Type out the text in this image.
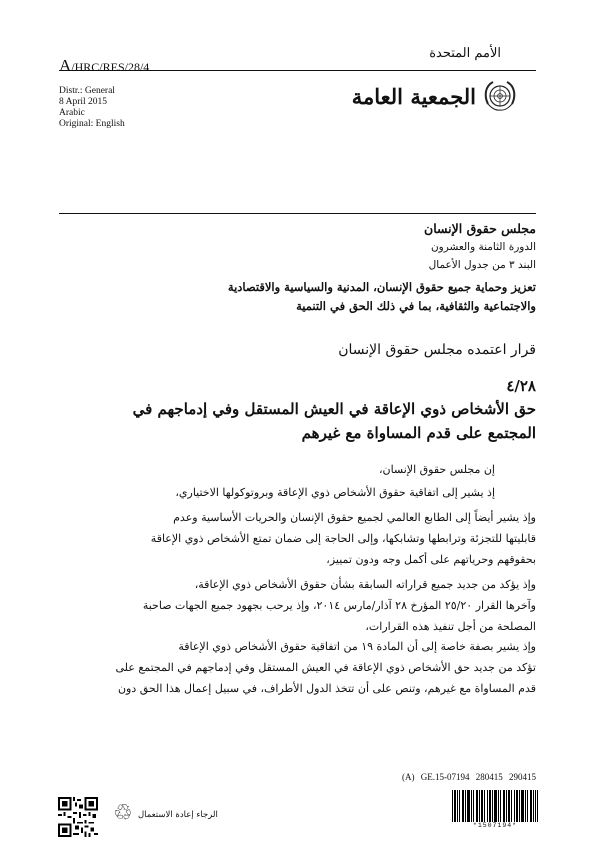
A/HRC/RES/28/4
الأمم المتحدة
Distr.: General
8 April 2015
Arabic
Original: English
الجمعية العامة
مجلس حقوق الإنسان
الدورة الثامنة والعشرون
البند ٣ من جدول الأعمال
تعزيز وحماية جميع حقوق الإنسان، المدنية والسياسية والاقتصادية
والاجتماعية والثقافية، بما في ذلك الحق في التنمية
قرار اعتمده مجلس حقوق الإنسان
٤/٢٨
حق الأشخاص ذوي الإعاقة في العيش المستقل وفي إدماجهم في
المجتمع على قدم المساواة مع غيرهم
إن مجلس حقوق الإنسان،
إذ يشير إلى اتفاقية حقوق الأشخاص ذوي الإعاقة وبروتوكولها الاختياري،
وإذ يشير أيضاً إلى الطابع العالمي لجميع حقوق الإنسان والحريات الأساسية وعدم
قابليتها للتجزئة وترابطها وتشابكها، وإلى الحاجة إلى ضمان تمتع الأشخاص ذوي الإعاقة
بحقوقهم وحرياتهم على أكمل وجه ودون تمييز،
وإذ يؤكد من جديد جميع قراراته السابقة بشأن حقوق الأشخاص ذوي الإعاقة،
وآخرها القرار ٢٥/٢٠ المؤرخ ٢٨ آذار/مارس ٢٠١٤، وإذ يرحب بجهود جميع الجهات صاحبة
المصلحة من أجل تنفيذ هذه القرارات،
وإذ يشير بصفة خاصة إلى أن المادة ١٩ من اتفاقية حقوق الأشخاص ذوي الإعاقة
تؤكد من جديد حق الأشخاص ذوي الإعاقة في العيش المستقل وفي إدماجهم في المجتمع على
قدم المساواة مع غيرهم، وتنص على أن تتخذ الدول الأطراف، في سبيل إعمال هذا الحق دون
♲ الرجاء إعادة الاستعمال
(A) GE.15-07194 280415 290415
*1507194*
